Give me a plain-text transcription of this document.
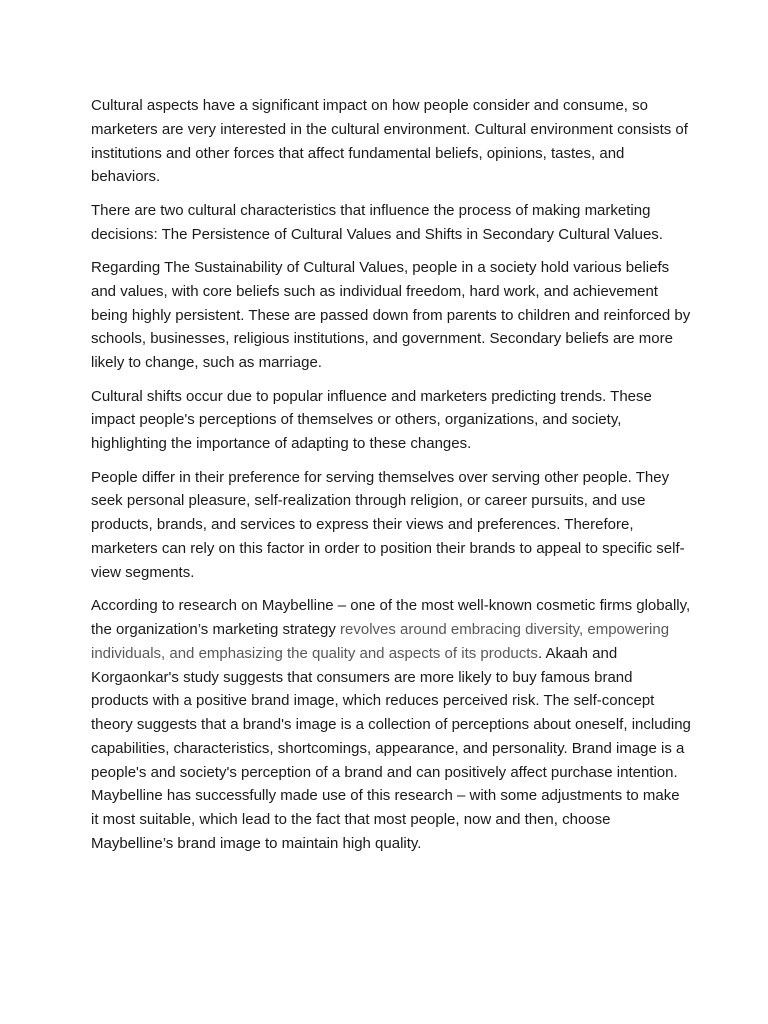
Cultural aspects have a significant impact on how people consider and consume, so marketers are very interested in the cultural environment. Cultural environment consists of institutions and other forces that affect fundamental beliefs, opinions, tastes, and behaviors.

There are two cultural characteristics that influence the process of making marketing decisions: The Persistence of Cultural Values and Shifts in Secondary Cultural Values.

Regarding The Sustainability of Cultural Values, people in a society hold various beliefs and values, with core beliefs such as individual freedom, hard work, and achievement being highly persistent. These are passed down from parents to children and reinforced by schools, businesses, religious institutions, and government. Secondary beliefs are more likely to change, such as marriage.

Cultural shifts occur due to popular influence and marketers predicting trends. These impact people's perceptions of themselves or others, organizations, and society, highlighting the importance of adapting to these changes.

People differ in their preference for serving themselves over serving other people. They seek personal pleasure, self-realization through religion, or career pursuits, and use products, brands, and services to express their views and preferences. Therefore, marketers can rely on this factor in order to position their brands to appeal to specific self-view segments.

According to research on Maybelline – one of the most well-known cosmetic firms globally, the organization’s marketing strategy revolves around embracing diversity, empowering individuals, and emphasizing the quality and aspects of its products. Akaah and Korgaonkar's study suggests that consumers are more likely to buy famous brand products with a positive brand image, which reduces perceived risk. The self-concept theory suggests that a brand's image is a collection of perceptions about oneself, including capabilities, characteristics, shortcomings, appearance, and personality. Brand image is a people's and society's perception of a brand and can positively affect purchase intention. Maybelline has successfully made use of this research – with some adjustments to make it most suitable, which lead to the fact that most people, now and then, choose Maybelline’s brand image to maintain high quality.
